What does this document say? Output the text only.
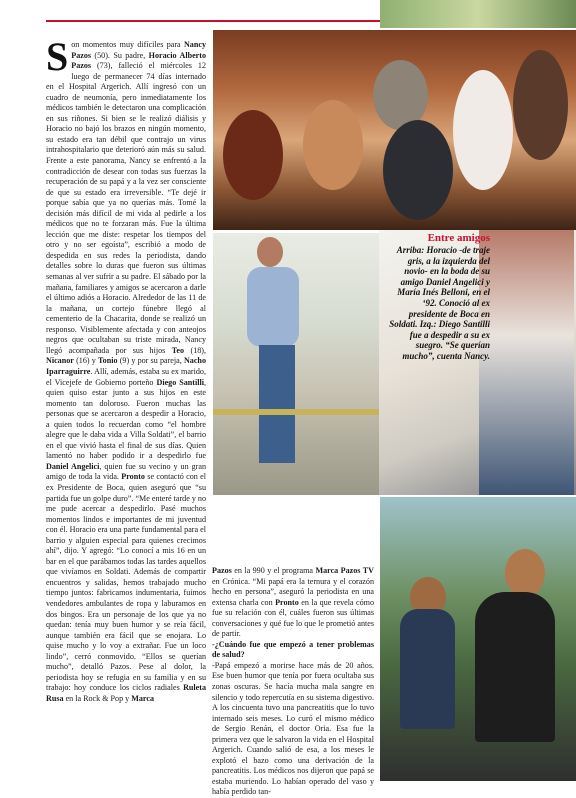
S on momentos muy difíciles para Nancy Pazos (50). Su padre, Horacio Alberto Pazos (73), falleció el miércoles 12 luego de permanecer 74 días internado en el Hospital Argerich. Allí ingresó con un cuadro de neumonía, pero inmediatamente los médicos también le detectaron una complicación en sus riñones. Si bien se le realizó diálisis y Horacio no bajó los brazos en ningún momento, su estado era tan débil que contrajo un virus intrahospitalario que deterioró aún más su salud. Frente a este panorama, Nancy se enfrentó a la contradicción de desear con todas sus fuerzas la recuperación de su papá y a la vez ser consciente de que su estado era irreversible. “Te dejé ir porque sabía que ya no querías más. Tomé la decisión más difícil de mi vida al pedirle a los médicos que no te forzaran más. Fue la última lección que me diste: respetar los tiempos del otro y no ser egoísta”, escribió a modo de despedida en sus redes la periodista, dando detalles sobre lo duras que fueron sus últimas semanas al ver sufrir a su padre. El sábado por la mañana, familiares y amigos se acercaron a darle el último adiós a Horacio. Alrededor de las 11 de la mañana, un cortejo fúnebre llegó al cementerio de la Chacarita, donde se realizó un responso. Visiblemente afectada y con anteojos negros que ocultaban su triste mirada, Nancy llegó acompañada por sus hijos Teo (18), Nicanor (16) y Tonio (9) y por su pareja, Nacho Iparraguirre. Allí, además, estaba su ex marido, el Vicejefe de Gobierno porteño Diego Santilli, quien quiso estar junto a sus hijos en este momento tan doloroso. Fueron muchas las personas que se acercaron a despedir a Horacio, a quien todos lo recuerdan como “el hombre alegre que le daba vida a Villa Soldati”, el barrio en el que vivió hasta el final de sus días. Quien lamentó no haber podido ir a despedirlo fue Daniel Angelici, quien fue su vecino y un gran amigo de toda la vida. Pronto se contactó con el ex Presidente de Boca, quien aseguró que “su partida fue un golpe duro”. “Me enteré tarde y no me pude acercar a despedirlo. Pasé muchos momentos lindos e importantes de mi juventud con él. Horacio era una parte fundamental para el barrio y alguien especial para quienes crecimos ahí”, dijo. Y agregó: “Lo conocí a mis 16 en un bar en el que parábamos todas las tardes aquellos que vivíamos en Soldati. Además de compartir encuentros y salidas, hemos trabajado mucho tiempo juntos: fabricamos indumentaria, fuimos vendedores ambulantes de ropa y laburamos en dos bingos. Era un personaje de los que ya no quedan: tenía muy buen humor y se reía fácil, aunque también era fácil que se enojara. Lo quise mucho y lo voy a extrañar. Fue un loco lindo”, cerró conmovido. “Ellos se querían mucho”, detalló Pazos. Pese al dolor, la periodista hoy se refugia en su familia y en su trabajo: hoy conduce los ciclos radiales Ruleta Rusa en la Rock & Pop y Marca

Pazos en la 990 y el programa Marca Pazos TV en Crónica. “Mi papá era la ternura y el corazón hecho en persona”, aseguró la periodista en una extensa charla con Pronto en la que revela cómo fue su relación con él, cuáles fueron sus últimas conversaciones y qué fue lo que le prometió antes de partir.

-¿Cuándo fue que empezó a tener problemas de salud?

-Papá empezó a morirse hace más de 20 años. Ese buen humor que tenía por fuera ocultaba sus zonas oscuras. Se hacía mucha mala sangre en silencio y todo repercutía en su sistema digestivo. A los cincuenta tuvo una pancreatitis que lo tuvo internado seis meses. Lo curó el mismo médico de Sergio Renán, el doctor Oria. Esa fue la primera vez que le salvaron la vida en el Hospital Argerich. Cuando salió de esa, a los meses le explotó el bazo como una derivación de la pancreatitis. Los médicos nos dijeron que papá se estaba muriendo. Lo habían operado del vaso y había perdido tan-

Entre amigos
Arriba: Horacio -de traje gris, a la izquierda del novio- en la boda de su amigo Daniel Angelici y María Inés Belloni, en el ‘92. Conoció al ex presidente de Boca en Soldati. Izq.: Diego Santilli fue a despedir a su ex suegro. “Se querían mucho”, cuenta Nancy.
